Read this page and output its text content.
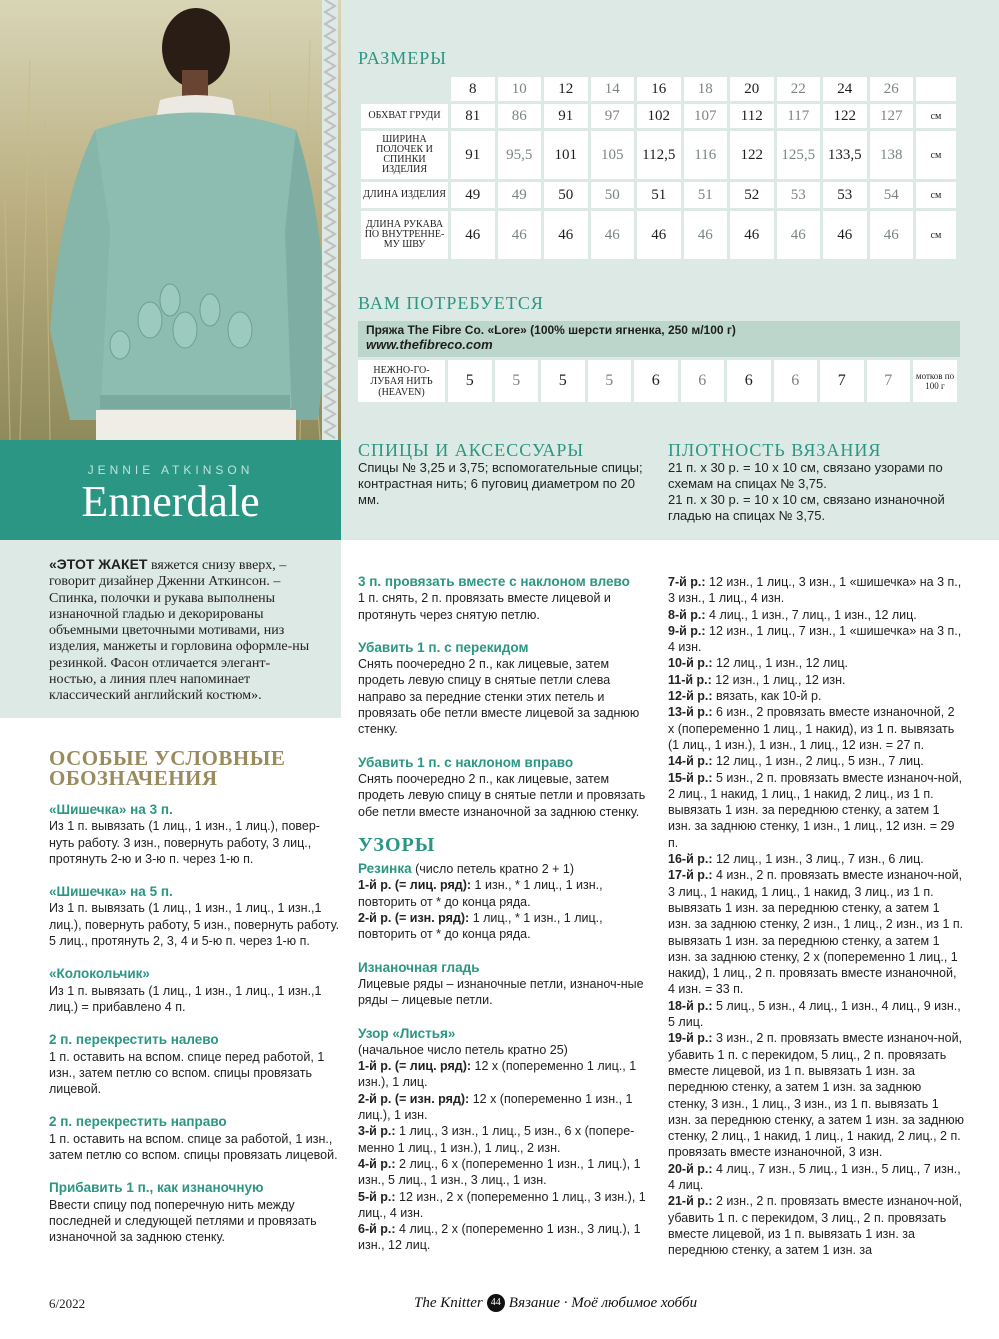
JENNIE ATKINSON
Ennerdale
РАЗМЕРЫ
	8	10	12	14	16	18	20	22	24	26	
ОБХВАТ ГРУДИ	81	86	91	97	102	107	112	117	122	127	см
ШИРИНА ПОЛОЧЕК И СПИНКИ ИЗДЕЛИЯ	91	95,5	101	105	112,5	116	122	125,5	133,5	138	см
ДЛИНА ИЗДЕЛИЯ	49	49	50	50	51	51	52	53	53	54	см
ДЛИНА РУКАВА ПО ВНУТРЕННЕ-МУ ШВУ	46	46	46	46	46	46	46	46	46	46	см
ВАМ ПОТРЕБУЕТСЯ
Пряжа The Fibre Co. «Lore» (100% шерсти ягненка, 250 м/100 г)
www.thefibreco.com
НЕЖНО-ГО-ЛУБАЯ НИТЬ (HEAVEN)	5	5	5	5	6	6	6	6	7	7	мотков по 100 г
СПИЦЫ И АКСЕССУАРЫ
Спицы № 3,25 и 3,75; вспомогательные спицы; контрастная нить; 6 пуговиц диаметром по 20 мм.
ПЛОТНОСТЬ ВЯЗАНИЯ
21 п. х 30 р. = 10 х 10 см, связано узорами по схемам на спицах № 3,75.
21 п. х 30 р. = 10 х 10 см, связано изнаночной гладью на спицах № 3,75.
«ЭТОТ ЖАКЕТ вяжется снизу вверх, – говорит дизайнер Дженни Аткинсон. – Спинка, полочки и рукава выполнены изнаночной гладью и декорированы объемными цветочными мотивами, низ изделия, манжеты и горловина оформле-ны резинкой. Фасон отличается элегант-ностью, а линия плеч напоминает классический английский костюм».
ОСОБЫЕ УСЛОВНЫЕ ОБОЗНАЧЕНИЯ
«Шишечка» на 3 п.
Из 1 п. вывязать (1 лиц., 1 изн., 1 лиц.), повер-нуть работу. 3 изн., повернуть работу, 3 лиц., протянуть 2-ю и 3-ю п. через 1-ю п.
«Шишечка» на 5 п.
Из 1 п. вывязать (1 лиц., 1 изн., 1 лиц., 1 изн.,1 лиц.), повернуть работу, 5 изн., повернуть работу. 5 лиц., протянуть 2, 3, 4 и 5-ю п. через 1-ю п.
«Колокольчик»
Из 1 п. вывязать (1 лиц., 1 изн., 1 лиц., 1 изн.,1 лиц.) = прибавлено 4 п.
2 п. перекрестить налево
1 п. оставить на вспом. спице перед работой, 1 изн., затем петлю со вспом. спицы провязать лицевой.
2 п. перекрестить направо
1 п. оставить на вспом. спице за работой, 1 изн., затем петлю со вспом. спицы провязать лицевой.
Прибавить 1 п., как изнаночную
Ввести спицу под поперечную нить между последней и следующей петлями и провязать изнаночной за заднюю стенку.
3 п. провязать вместе с наклоном влево
1 п. снять, 2 п. провязать вместе лицевой и протянуть через снятую петлю.
Убавить 1 п. с перекидом
Снять поочередно 2 п., как лицевые, затем продеть левую спицу в снятые петли слева направо за передние стенки этих петель и провязать обе петли вместе лицевой за заднюю стенку.
Убавить 1 п. с наклоном вправо
Снять поочередно 2 п., как лицевые, затем продеть левую спицу в снятые петли и провязать обе петли вместе изнаночной за заднюю стенку.
УЗОРЫ
Резинка (число петель кратно 2 + 1)
1-й р. (= лиц. ряд): 1 изн., * 1 лиц., 1 изн., повторить от * до конца ряда.
2-й р. (= изн. ряд): 1 лиц., * 1 изн., 1 лиц., повторить от * до конца ряда.
Изнаночная гладь
Лицевые ряды – изнаночные петли, изнаноч-ные ряды – лицевые петли.
Узор «Листья»
(начальное число петель кратно 25)
1-й р. (= лиц. ряд): 12 х (попеременно 1 лиц., 1 изн.), 1 лиц.
2-й р. (= изн. ряд): 12 х (попеременно 1 изн., 1 лиц.), 1 изн.
3-й р.: 1 лиц., 3 изн., 1 лиц., 5 изн., 6 х (попере-менно 1 лиц., 1 изн.), 1 лиц., 2 изн.
4-й р.: 2 лиц., 6 х (попеременно 1 изн., 1 лиц.), 1 изн., 5 лиц., 1 изн., 3 лиц., 1 изн.
5-й р.: 12 изн., 2 х (попеременно 1 лиц., 3 изн.), 1 лиц., 4 изн.
6-й р.: 4 лиц., 2 х (попеременно 1 изн., 3 лиц.), 1 изн., 12 лиц.
7-й р.: 12 изн., 1 лиц., 3 изн., 1 «шишечка» на 3 п., 3 изн., 1 лиц., 4 изн.
8-й р.: 4 лиц., 1 изн., 7 лиц., 1 изн., 12 лиц.
9-й р.: 12 изн., 1 лиц., 7 изн., 1 «шишечка» на 3 п., 4 изн.
10-й р.: 12 лиц., 1 изн., 12 лиц.
11-й р.: 12 изн., 1 лиц., 12 изн.
12-й р.: вязать, как 10-й р.
13-й р.: 6 изн., 2 провязать вместе изнаночной, 2 х (попеременно 1 лиц., 1 накид), из 1 п. вывязать (1 лиц., 1 изн.), 1 изн., 1 лиц., 12 изн. = 27 п.
14-й р.: 12 лиц., 1 изн., 2 лиц., 5 изн., 7 лиц.
15-й р.: 5 изн., 2 п. провязать вместе изнаноч-ной, 2 лиц., 1 накид, 1 лиц., 1 накид, 2 лиц., из 1 п. вывязать 1 изн. за переднюю стенку, а затем 1 изн. за заднюю стенку, 1 изн., 1 лиц., 12 изн. = 29 п.
16-й р.: 12 лиц., 1 изн., 3 лиц., 7 изн., 6 лиц.
17-й р.: 4 изн., 2 п. провязать вместе изнаноч-ной, 3 лиц., 1 накид, 1 лиц., 1 накид, 3 лиц., из 1 п. вывязать 1 изн. за переднюю стенку, а затем 1 изн. за заднюю стенку, 2 изн., 1 лиц., 2 изн., из 1 п. вывязать 1 изн. за переднюю стенку, а затем 1 изн. за заднюю стенку, 2 х (попеременно 1 лиц., 1 накид), 1 лиц., 2 п. провязать вместе изнаночной, 4 изн. = 33 п.
18-й р.: 5 лиц., 5 изн., 4 лиц., 1 изн., 4 лиц., 9 изн., 5 лиц.
19-й р.: 3 изн., 2 п. провязать вместе изнаноч-ной, убавить 1 п. с перекидом, 5 лиц., 2 п. провязать вместе лицевой, из 1 п. вывязать 1 изн. за переднюю стенку, а затем 1 изн. за заднюю стенку, 3 изн., 1 лиц., 3 изн., из 1 п. вывязать 1 изн. за переднюю стенку, а затем 1 изн. за заднюю стенку, 2 лиц., 1 накид, 1 лиц., 1 накид, 2 лиц., 2 п. провязать вместе изнаночной, 3 изн.
20-й р.: 4 лиц., 7 изн., 5 лиц., 1 изн., 5 лиц., 7 изн., 4 лиц.
21-й р.: 2 изн., 2 п. провязать вместе изнаноч-ной, убавить 1 п. с перекидом, 3 лиц., 2 п. провязать вместе лицевой, из 1 п. вывязать 1 изн. за переднюю стенку, а затем 1 изн. за
6/2022	The Knitter 44 Вязание · Моё любимое хобби
